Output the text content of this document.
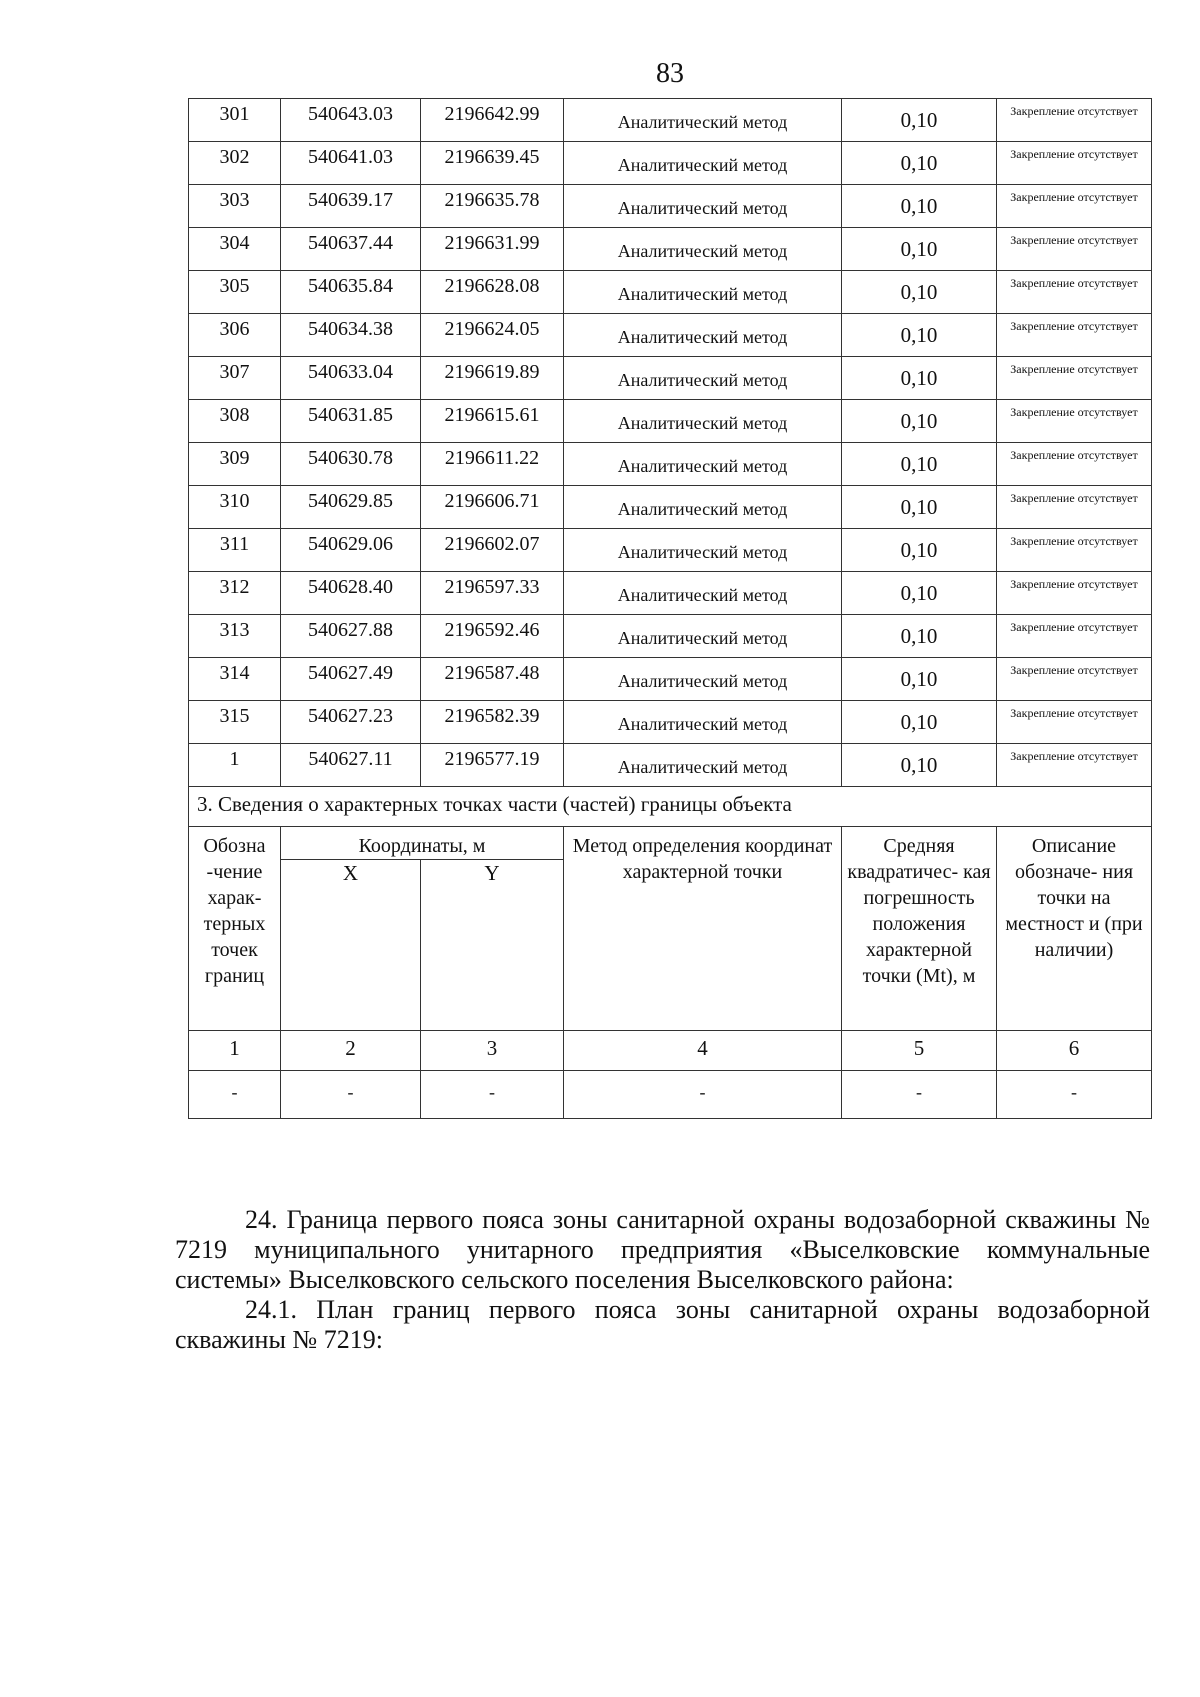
83
301	540643.03	2196642.99	Аналитический метод	0,10	Закрепление отсутствует
302	540641.03	2196639.45	Аналитический метод	0,10	Закрепление отсутствует
303	540639.17	2196635.78	Аналитический метод	0,10	Закрепление отсутствует
304	540637.44	2196631.99	Аналитический метод	0,10	Закрепление отсутствует
305	540635.84	2196628.08	Аналитический метод	0,10	Закрепление отсутствует
306	540634.38	2196624.05	Аналитический метод	0,10	Закрепление отсутствует
307	540633.04	2196619.89	Аналитический метод	0,10	Закрепление отсутствует
308	540631.85	2196615.61	Аналитический метод	0,10	Закрепление отсутствует
309	540630.78	2196611.22	Аналитический метод	0,10	Закрепление отсутствует
310	540629.85	2196606.71	Аналитический метод	0,10	Закрепление отсутствует
311	540629.06	2196602.07	Аналитический метод	0,10	Закрепление отсутствует
312	540628.40	2196597.33	Аналитический метод	0,10	Закрепление отсутствует
313	540627.88	2196592.46	Аналитический метод	0,10	Закрепление отсутствует
314	540627.49	2196587.48	Аналитический метод	0,10	Закрепление отсутствует
315	540627.23	2196582.39	Аналитический метод	0,10	Закрепление отсутствует
1	540627.11	2196577.19	Аналитический метод	0,10	Закрепление отсутствует
3. Сведения о характерных точках части (частей) границы объекта					
Обозна -чение харак- терных точек границ	Координаты, м		Метод определения координат характерной точки	Средняя квадратичес- кая погрешность положения характерной точки (Mt), м	Описание обозначе- ния точки на местност и (при наличии)
	X	Y			
1	2	3	4	5	6
-	-	-	-	-	-

24. Граница первого пояса зоны санитарной охраны водозаборной скважины № 7219 муниципального унитарного предприятия «Выселковские коммунальные системы» Выселковского сельского поселения Выселковского района:

24.1. План границ первого пояса зоны санитарной охраны водозаборной скважины № 7219:
